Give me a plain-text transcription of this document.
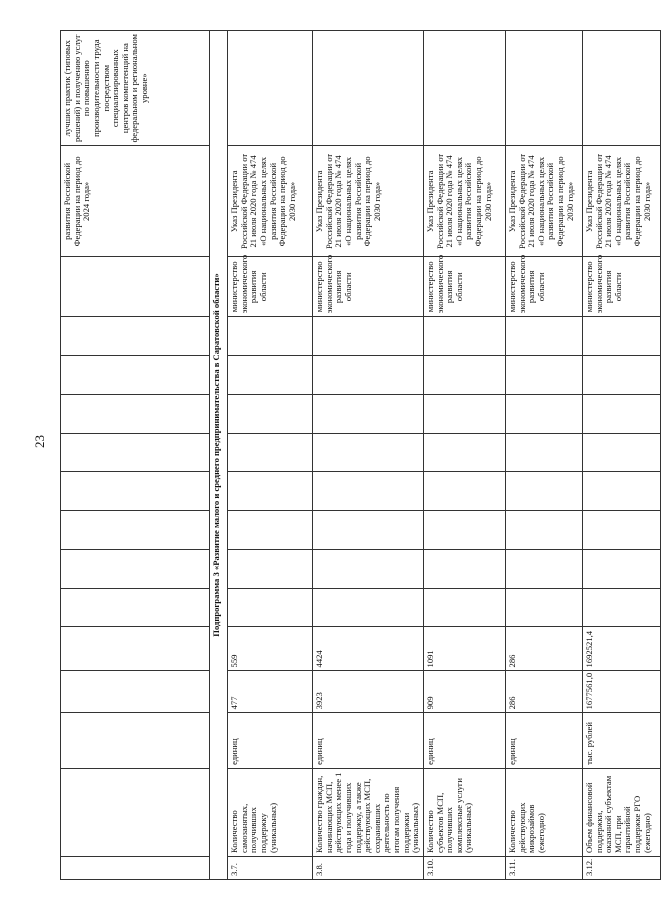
23
														развития Российской Федерации на период до 2024 года»	лучших практик (типовых решений) и получению услуг по повышению производительности труда посредством специализированных центров компетенций на федеральном и региональном уровне»
Подпрограмма 3 «Развитие малого и среднего предпринимательства в Саратовской области»															
3.7.	Количество самозанятых, получивших поддержку (уникальных)	единиц	477	559									министерство экономического развития области	Указ Президента Российской Федерации от 21 июля 2020 года № 474 «О национальных целях развития Российской Федерации на период до 2030 года»	
3.8.	Количество граждан, начинающих МСП, действующих менее 1 года и получивших поддержку, а также действующих МСП, сохранивших деятельность по итогам получения поддержки (уникальных)	единиц	3923	4424									министерство экономического развития области	Указ Президента Российской Федерации от 21 июля 2020 года № 474 «О национальных целях развития Российской Федерации на период до 2030 года»	
3.10.	Количество субъектов МСП, получивших комплексные услуги (уникальных)	единиц	909	1091									министерство экономического развития области	Указ Президента Российской Федерации от 21 июля 2020 года № 474 «О национальных целях развития Российской Федерации на период до 2030 года»	
3.11.	Количество действующих микрозаймов (ежегодно)	единиц	286	286									министерство экономического развития области	Указ Президента Российской Федерации от 21 июля 2020 года № 474 «О национальных целях развития Российской Федерации на период до 2030 года»	
3.12.	Объем финансовой поддержки, оказанной субъектам МСП, при гарантийной поддержке РГО (ежегодно)	тыс. рублей	1677561,0	1692521,4									министерство экономического развития области	Указ Президента Российской Федерации от 21 июля 2020 года № 474 «О национальных целях развития Российской Федерации на период до 2030 года»	
